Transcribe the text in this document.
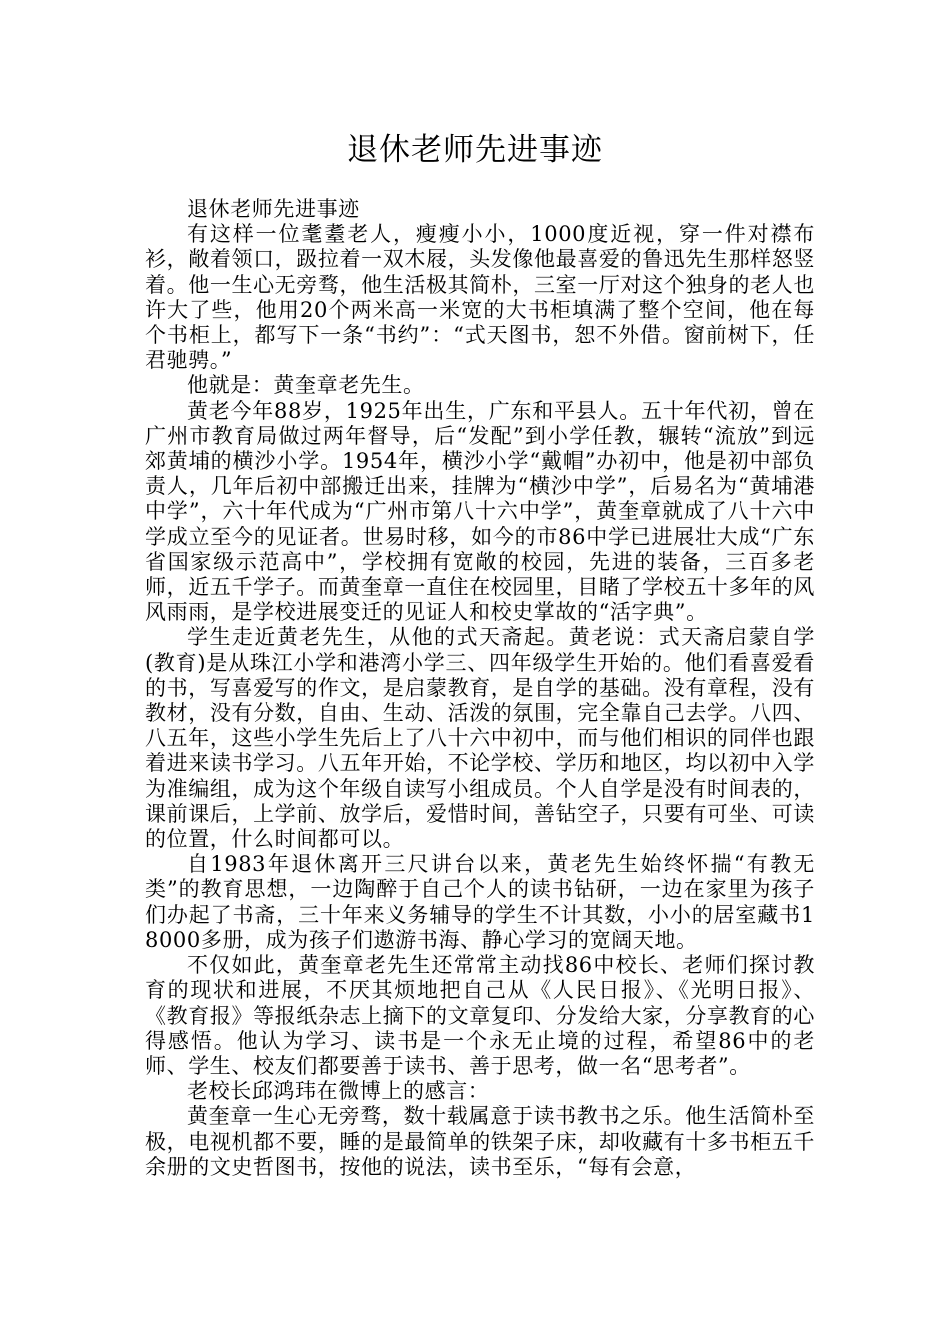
退休老师先进事迹

退休老师先进事迹

有这样一位耄耋老人，瘦瘦小小，1000度近视，穿一件对襟布衫，敞着领口，趿拉着一双木屐，头发像他最喜爱的鲁迅先生那样怒竖着。他一生心无旁骛，他生活极其简朴，三室一厅对这个独身的老人也许大了些，他用20个两米高一米宽的大书柜填满了整个空间，他在每个书柜上，都写下一条“书约”：“式天图书，恕不外借。窗前树下，任君驰骋。”

他就是：黄奎章老先生。

黄老今年88岁，1925年出生，广东和平县人。五十年代初，曾在广州市教育局做过两年督导，后“发配”到小学任教，辗转“流放”到远郊黄埔的横沙小学。1954年，横沙小学“戴帽”办初中，他是初中部负责人，几年后初中部搬迁出来，挂牌为“横沙中学”，后易名为“黄埔港中学”，六十年代成为“广州市第八十六中学”，黄奎章就成了八十六中学成立至今的见证者。世易时移，如今的市86中学已进展壮大成“广东省国家级示范高中”，学校拥有宽敞的校园，先进的装备，三百多老师，近五千学子。而黄奎章一直住在校园里，目睹了学校五十多年的风风雨雨，是学校进展变迁的见证人和校史掌故的“活字典”。

学生走近黄老先生，从他的式天斋起。黄老说：式天斋启蒙自学(教育)是从珠江小学和港湾小学三、四年级学生开始的。他们看喜爱看的书，写喜爱写的作文，是启蒙教育，是自学的基础。没有章程，没有教材，没有分数，自由、生动、活泼的氛围，完全靠自己去学。八四、八五年，这些小学生先后上了八十六中初中，而与他们相识的同伴也跟着进来读书学习。八五年开始，不论学校、学历和地区，均以初中入学为准编组，成为这个年级自读写小组成员。个人自学是没有时间表的，课前课后，上学前、放学后，爱惜时间，善钻空子，只要有可坐、可读的位置，什么时间都可以。

自1983年退休离开三尺讲台以来，黄老先生始终怀揣“有教无类”的教育思想，一边陶醉于自己个人的读书钻研，一边在家里为孩子们办起了书斋，三十年来义务辅导的学生不计其数，小小的居室藏书18000多册，成为孩子们遨游书海、静心学习的宽阔天地。

不仅如此，黄奎章老先生还常常主动找86中校长、老师们探讨教育的现状和进展，不厌其烦地把自己从《人民日报》、《光明日报》、《教育报》等报纸杂志上摘下的文章复印、分发给大家，分享教育的心得感悟。他认为学习、读书是一个永无止境的过程，希望86中的老师、学生、校友们都要善于读书、善于思考，做一名“思考者”。

老校长邱鸿玮在微博上的感言：

黄奎章一生心无旁骛，数十载属意于读书教书之乐。他生活简朴至极，电视机都不要，睡的是最简单的铁架子床，却收藏有十多书柜五千余册的文史哲图书，按他的说法，读书至乐，“每有会意，
